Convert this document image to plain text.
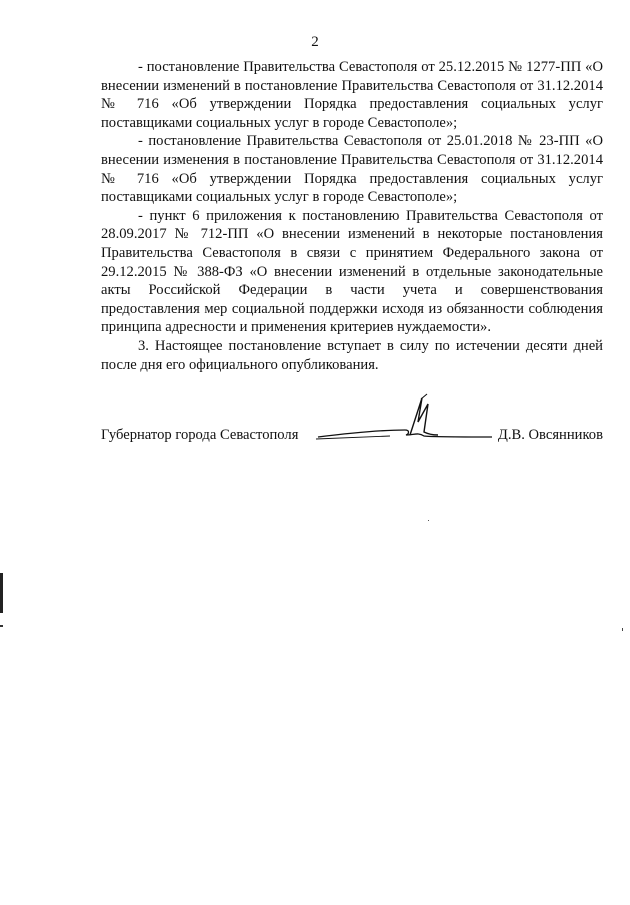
2

- постановление Правительства Севастополя от 25.12.2015 № 1277-ПП «О внесении изменений в постановление Правительства Севастополя от 31.12.2014 № 716 «Об утверждении Порядка предоставления социальных услуг поставщиками социальных услуг в городе Севастополе»;

- постановление Правительства Севастополя от 25.01.2018 № 23-ПП «О внесении изменения в постановление Правительства Севастополя от 31.12.2014 № 716 «Об утверждении Порядка предоставления социальных услуг поставщиками социальных услуг в городе Севастополе»;

- пункт 6 приложения к постановлению Правительства Севастополя от 28.09.2017 № 712-ПП «О внесении изменений в некоторые постановления Правительства Севастополя в связи с принятием Федерального закона от 29.12.2015 № 388-ФЗ «О внесении изменений в отдельные законодательные акты Российской Федерации в части учета и совершенствования предоставления мер социальной поддержки исходя из обязанности соблюдения принципа адресности и применения критериев нуждаемости».

3. Настоящее постановление вступает в силу по истечении десяти дней после дня его официального опубликования.

Губернатор города Севастополя	Д.В. Овсянников
